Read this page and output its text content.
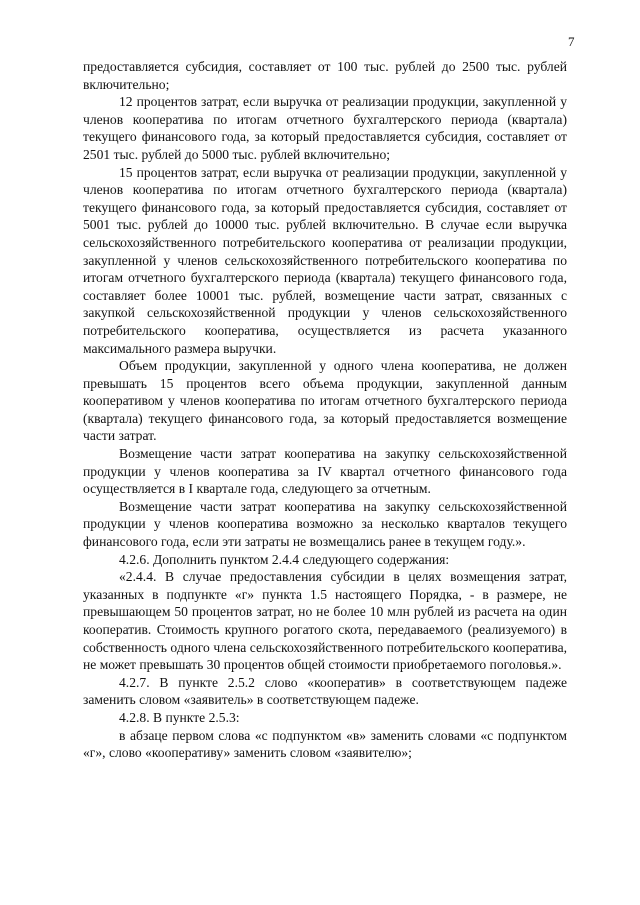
7

предоставляется субсидия, составляет от 100 тыс. рублей до 2500 тыс. рублей включительно;

12 процентов затрат, если выручка от реализации продукции, закупленной у членов кооператива по итогам отчетного бухгалтерского периода (квартала) текущего финансового года, за который предоставляется субсидия, составляет от 2501 тыс. рублей до 5000 тыс. рублей включительно;

15 процентов затрат, если выручка от реализации продукции, закупленной у членов кооператива по итогам отчетного бухгалтерского периода (квартала) текущего финансового года, за который предоставляется субсидия, составляет от 5001 тыс. рублей до 10000 тыс. рублей включительно. В случае если выручка сельскохозяйственного потребительского кооператива от реализации продукции, закупленной у членов сельскохозяйственного потребительского кооператива по итогам отчетного бухгалтерского периода (квартала) текущего финансового года, составляет более 10001 тыс. рублей, возмещение части затрат, связанных с закупкой сельскохозяйственной продукции у членов сельскохозяйственного потребительского кооператива, осуществляется из расчета указанного максимального размера выручки.

Объем продукции, закупленной у одного члена кооператива, не должен превышать 15 процентов всего объема продукции, закупленной данным кооперативом у членов кооператива по итогам отчетного бухгалтерского периода (квартала) текущего финансового года, за который предоставляется возмещение части затрат.

Возмещение части затрат кооператива на закупку сельскохозяйственной продукции у членов кооператива за IV квартал отчетного финансового года осуществляется в I квартале года, следующего за отчетным.

Возмещение части затрат кооператива на закупку сельскохозяйственной продукции у членов кооператива возможно за несколько кварталов текущего финансового года, если эти затраты не возмещались ранее в текущем году.».

4.2.6. Дополнить пунктом 2.4.4 следующего содержания:

«2.4.4. В случае предоставления субсидии в целях возмещения затрат, указанных в подпункте «г» пункта 1.5 настоящего Порядка, - в размере, не превышающем 50 процентов затрат, но не более 10 млн рублей из расчета на один кооператив. Стоимость крупного рогатого скота, передаваемого (реализуемого) в собственность одного члена сельскохозяйственного потребительского кооператива, не может превышать 30 процентов общей стоимости приобретаемого поголовья.».

4.2.7. В пункте 2.5.2 слово «кооператив» в соответствующем падеже заменить словом «заявитель» в соответствующем падеже.

4.2.8. В пункте 2.5.3:

в абзаце первом слова «с подпунктом «в» заменить словами «с подпунктом «г», слово «кооперативу» заменить словом «заявителю»;
